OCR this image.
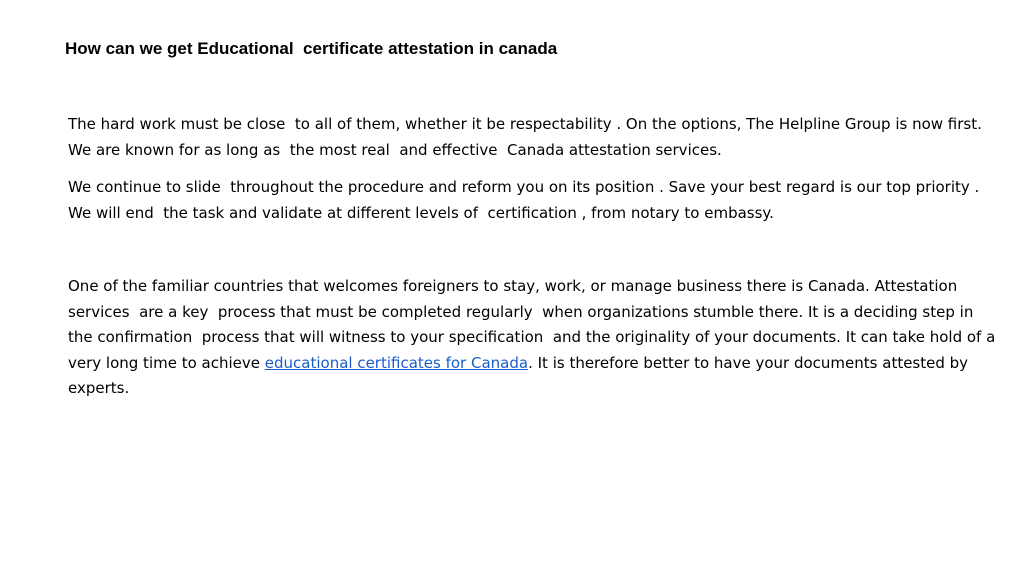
How can we get Educational  certificate attestation in canada

The hard work must be close  to all of them, whether it be respectability . On the options, The Helpline Group is now first. We are known for as long as  the most real  and effective  Canada attestation services.

We continue to slide  throughout the procedure and reform you on its position . Save your best regard is our top priority . We will end  the task and validate at different levels of  certification , from notary to embassy.

One of the familiar countries that welcomes foreigners to stay, work, or manage business there is Canada. Attestation services  are a key  process that must be completed regularly  when organizations stumble there. It is a deciding step in the confirmation  process that will witness to your specification  and the originality of your documents. It can take hold of a very long time to achieve educational certificates for Canada. It is therefore better to have your documents attested by experts.
